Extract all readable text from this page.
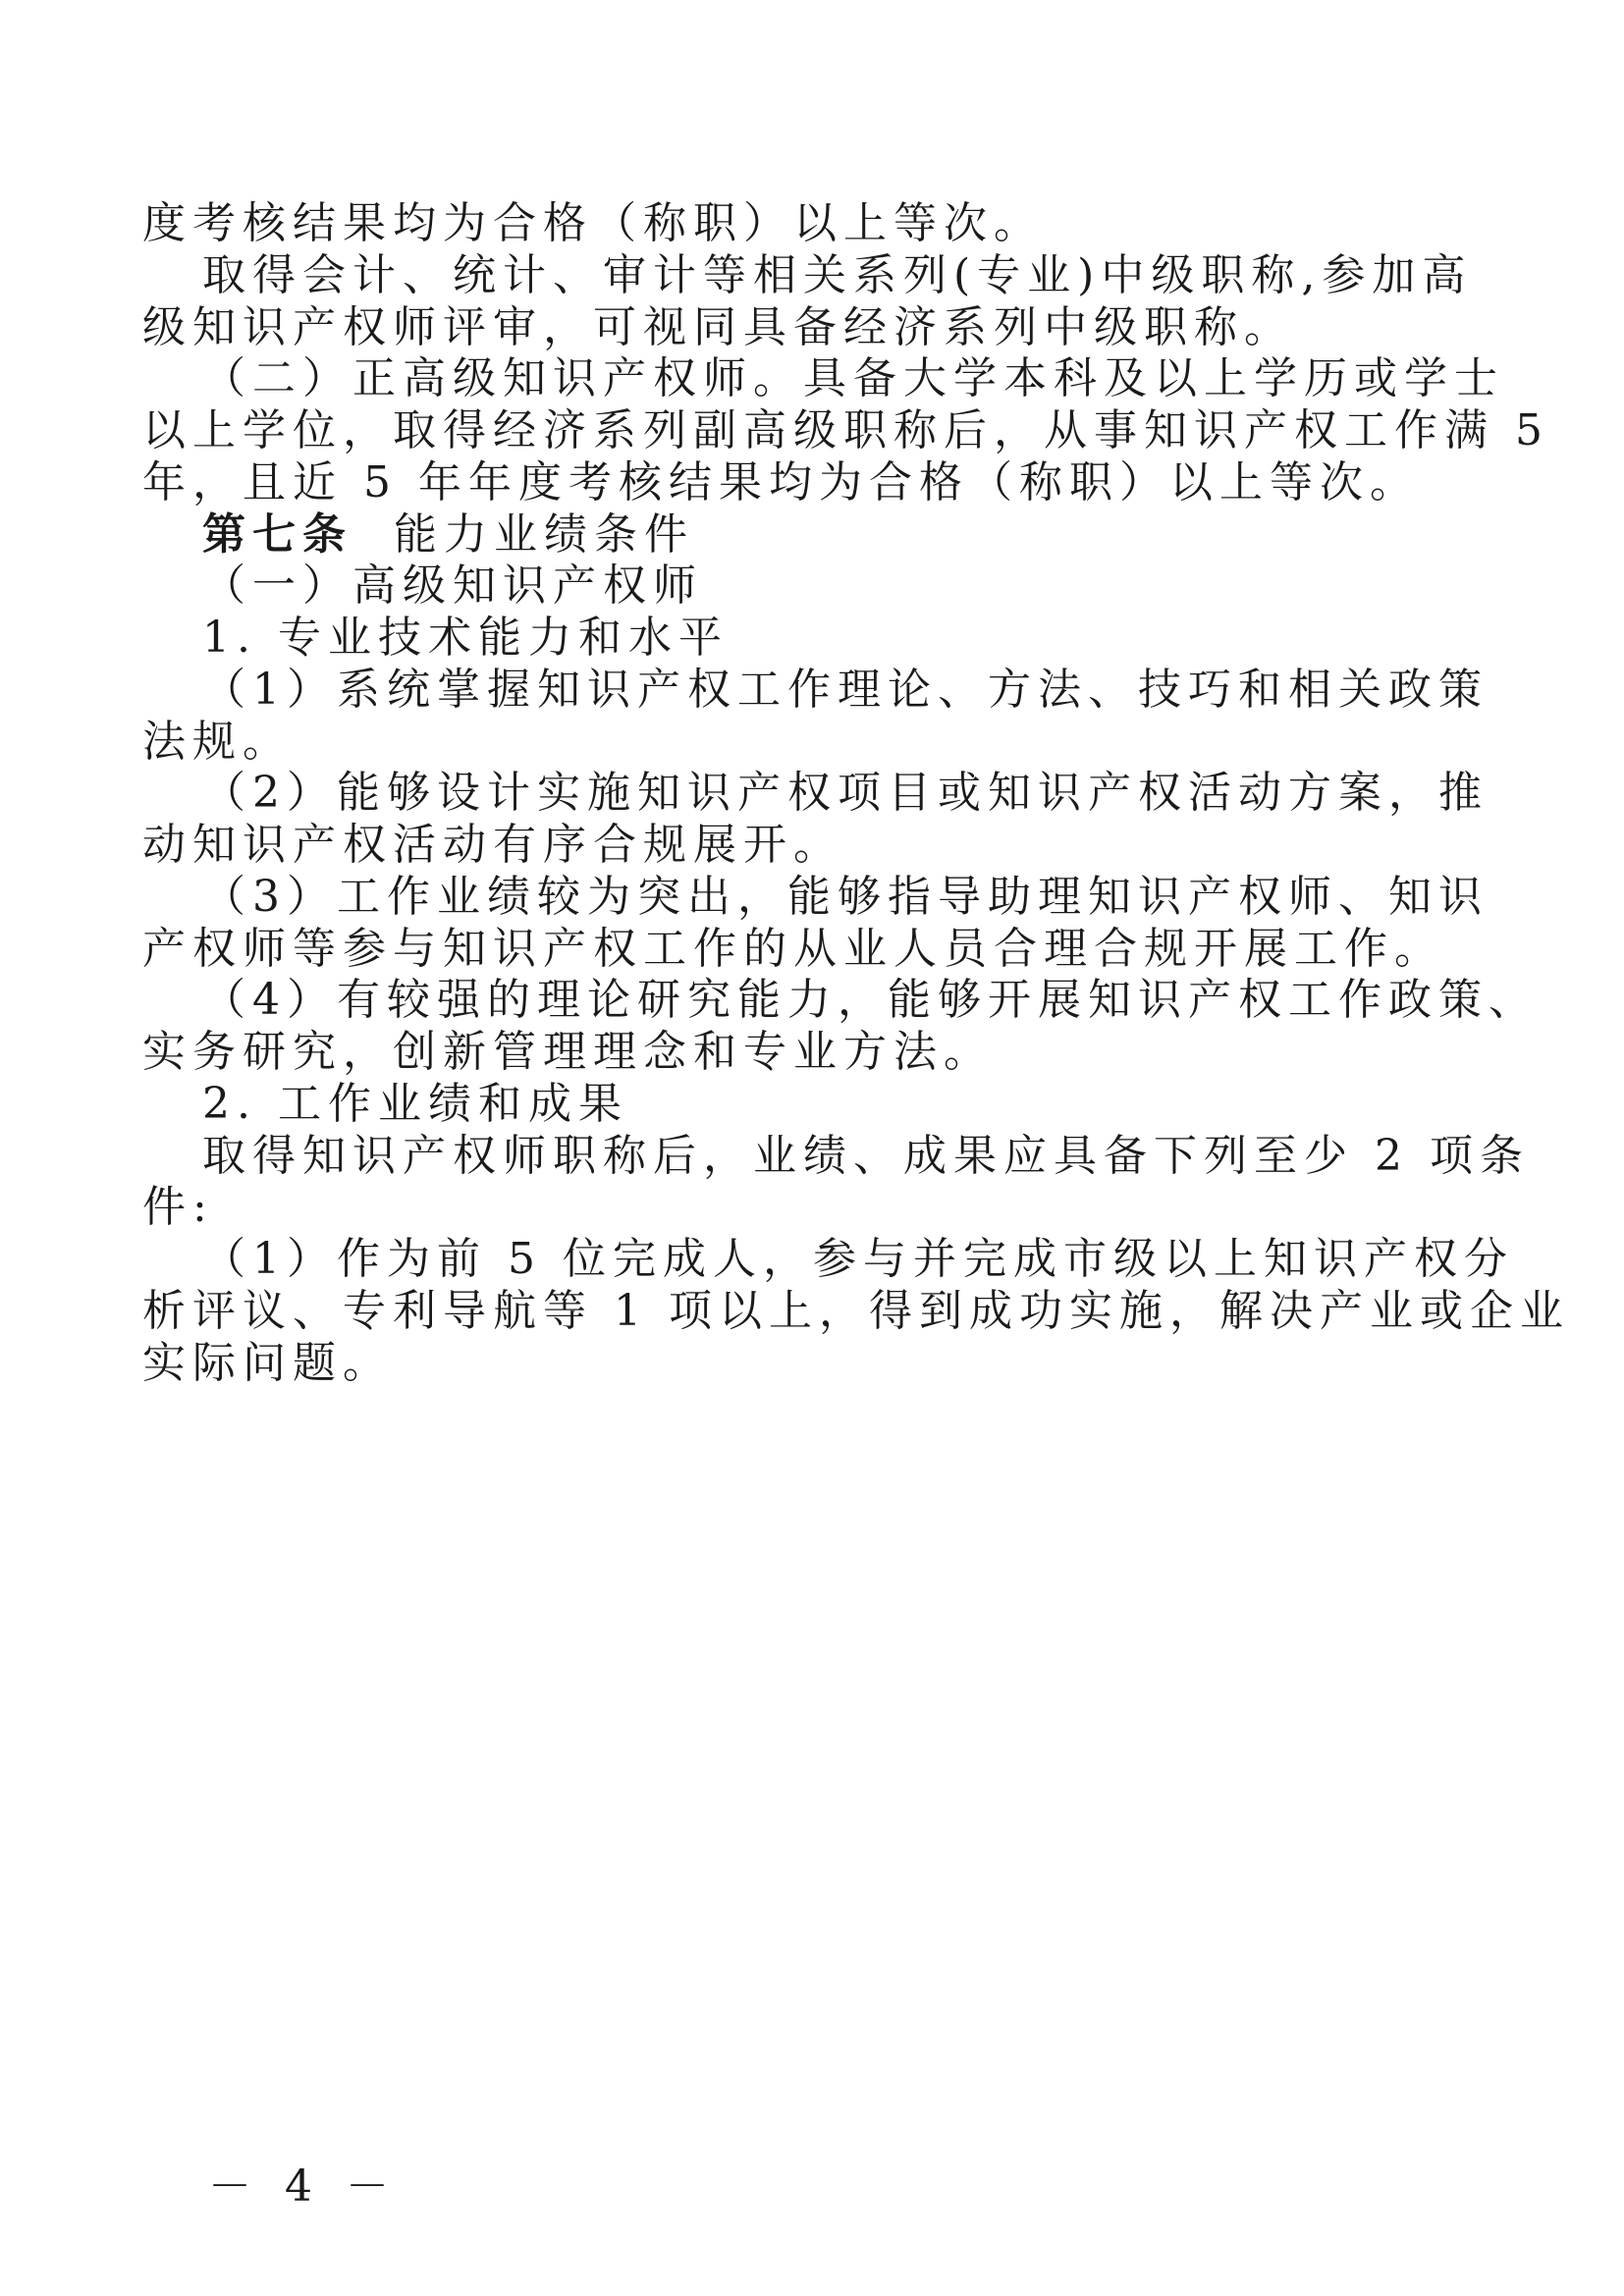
度考核结果均为合格（称职）以上等次。
取得会计、统计、审计等相关系列(专业)中级职称,参加高
级知识产权师评审，可视同具备经济系列中级职称。
（二）正高级知识产权师。具备大学本科及以上学历或学士
以上学位，取得经济系列副高级职称后，从事知识产权工作满 5
年，且近 5 年年度考核结果均为合格（称职）以上等次。
第七条 能力业绩条件
（一）高级知识产权师
1. 专业技术能力和水平
（1）系统掌握知识产权工作理论、方法、技巧和相关政策
法规。
（2）能够设计实施知识产权项目或知识产权活动方案，推
动知识产权活动有序合规展开。
（3）工作业绩较为突出，能够指导助理知识产权师、知识
产权师等参与知识产权工作的从业人员合理合规开展工作。
（4）有较强的理论研究能力，能够开展知识产权工作政策、
实务研究，创新管理理念和专业方法。
2. 工作业绩和成果
取得知识产权师职称后，业绩、成果应具备下列至少 2 项条
件:
（1）作为前 5 位完成人，参与并完成市级以上知识产权分
析评议、专利导航等 1 项以上，得到成功实施，解决产业或企业
实际问题。
－ 4 －
